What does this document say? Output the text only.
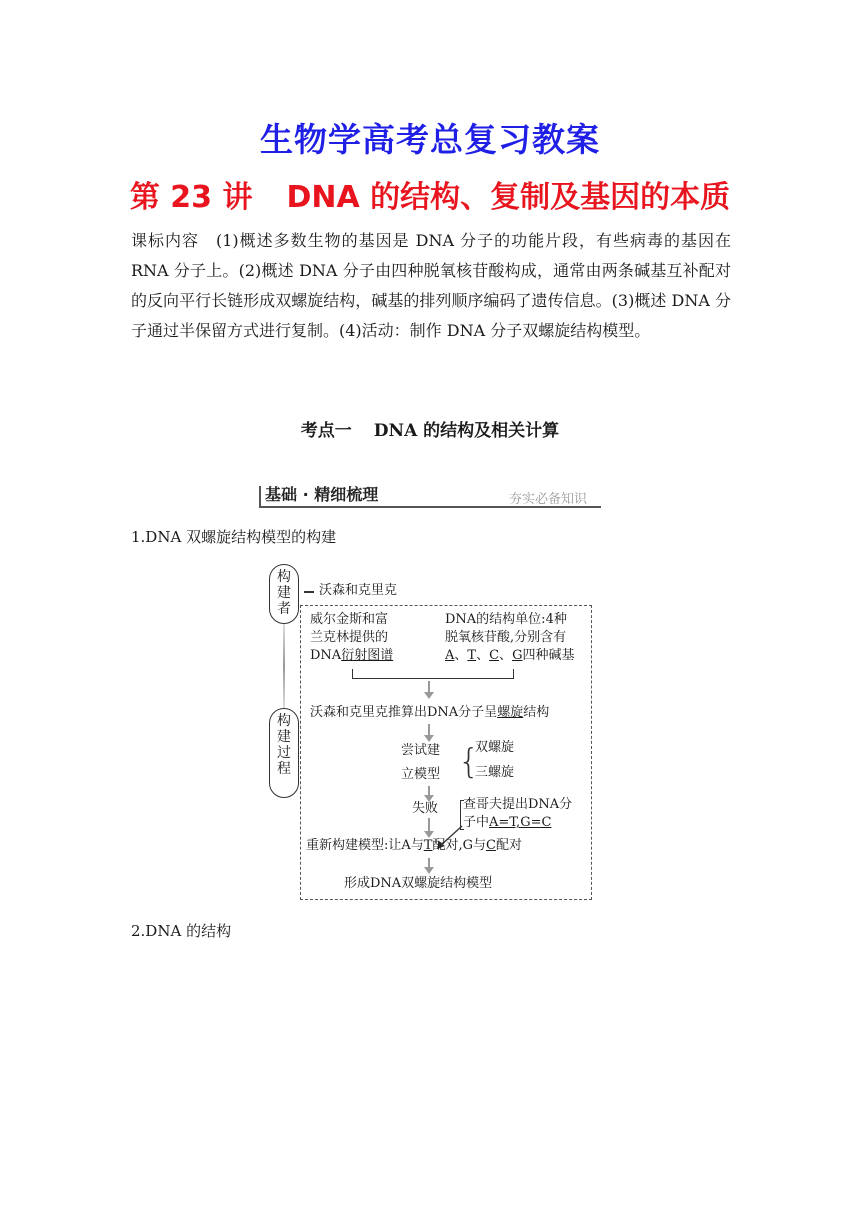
生物学高考总复习教案
第 23 讲 DNA 的结构、复制及基因的本质
课标内容　(1)概述多数生物的基因是 DNA 分子的功能片段，有些病毒的基因在 RNA 分子上。(2)概述 DNA 分子由四种脱氧核苷酸构成，通常由两条碱基互补配对的反向平行长链形成双螺旋结构，碱基的排列顺序编码了遗传信息。(3)概述 DNA 分子通过半保留方式进行复制。(4)活动：制作 DNA 分子双螺旋结构模型。
考点一 DNA 的结构及相关计算
基础 · 精细梳理	夯实必备知识
1.DNA 双螺旋结构模型的构建
构
建
者
沃森和克里克
构
建
过
程
威尔金斯和富
兰克林提供的
DNA衍射图谱
DNA的结构单位:4种
脱氧核苷酸,分别含有
A、T、C、G四种碱基
沃森和克里克推算出DNA分子呈螺旋结构
尝试建
立模型 {
双螺旋
三螺旋
失败 查哥夫提出DNA分
子中A=T,G=C
重新构建模型:让A与T配对,G与C配对
形成DNA双螺旋结构模型
2.DNA 的结构
